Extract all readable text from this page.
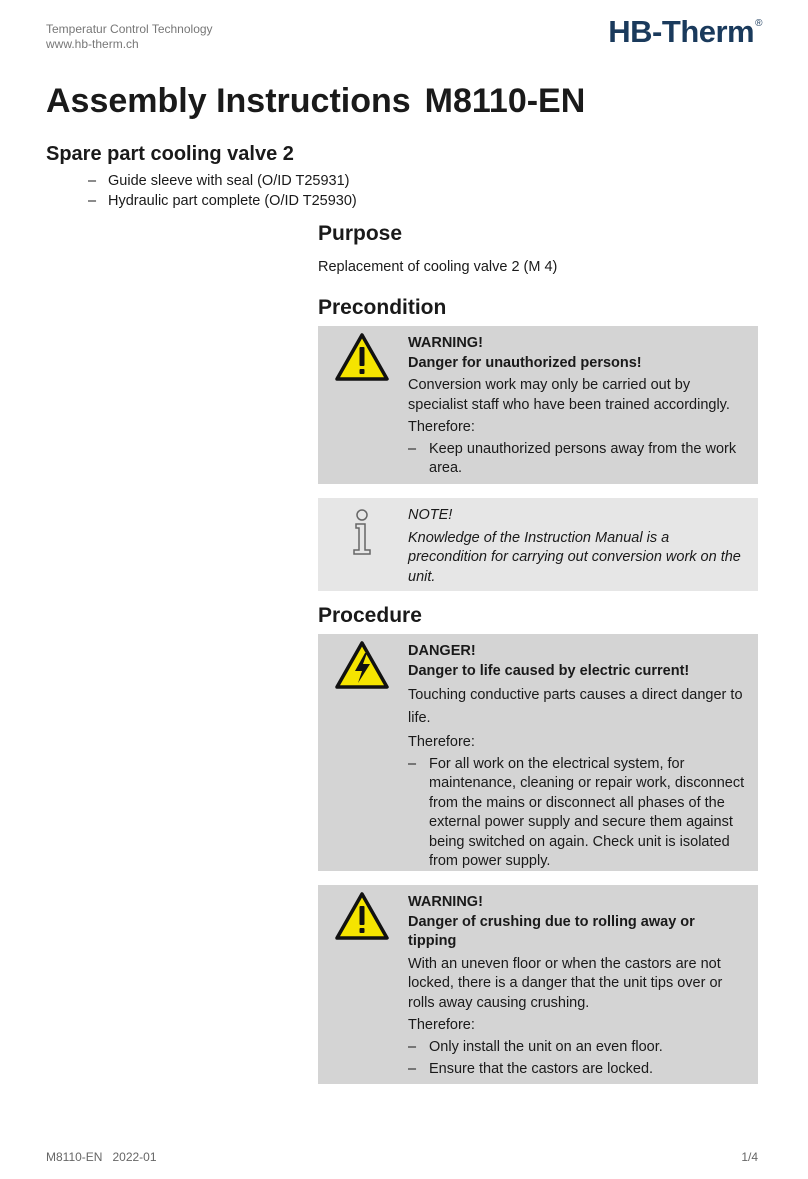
Temperatur Control Technology
www.hb-therm.ch	HB-Therm®
Assembly Instructions M8110-EN
Spare part cooling valve 2
– Guide sleeve with seal (O/ID T25931)
– Hydraulic part complete (O/ID T25930)
Purpose
Replacement of cooling valve 2 (M 4)
Precondition
WARNING!
Danger for unauthorized persons!
Conversion work may only be carried out by specialist staff who have been trained accordingly.
Therefore:
– Keep unauthorized persons away from the work area.
NOTE!
Knowledge of the Instruction Manual is a precondition for carrying out conversion work on the unit.
Procedure
DANGER!
Danger to life caused by electric current!
Touching conductive parts causes a direct danger to life.
Therefore:
– For all work on the electrical system, for maintenance, cleaning or repair work, disconnect from the mains or disconnect all phases of the external power supply and secure them against being switched on again. Check unit is isolated from power supply.
WARNING!
Danger of crushing due to rolling away or tipping
With an uneven floor or when the castors are not locked, there is a danger that the unit tips over or rolls away causing crushing.
Therefore:
– Only install the unit on an even floor.
– Ensure that the castors are locked.
M8110-EN 2022-01	1/4
